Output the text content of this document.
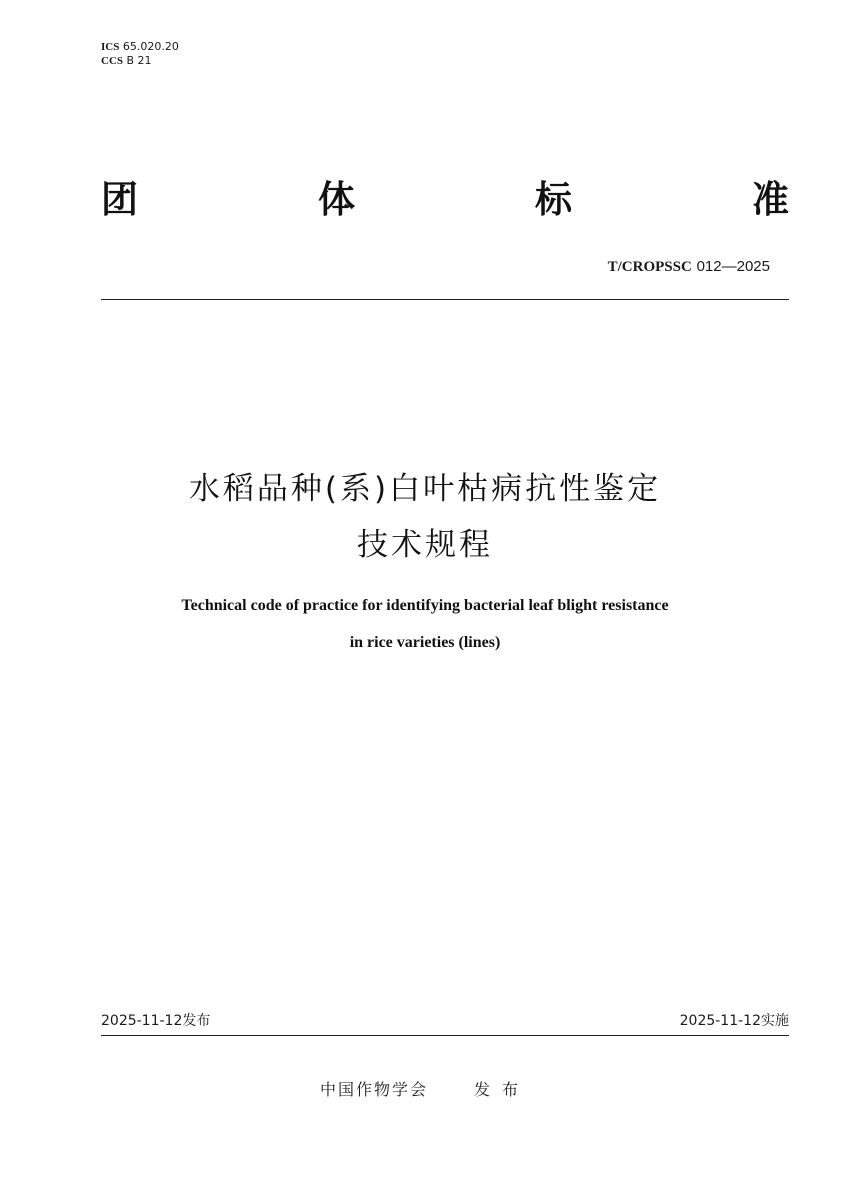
ICS 65.020.20
CCS B 21
团	体	标	准
T/CROPSSC 012—2025
水稻品种(系)白叶枯病抗性鉴定
技术规程
Technical code of practice for identifying bacterial leaf blight resistance
in rice varieties (lines)
2025-11-12发布	2025-11-12实施
中国作物学会	发布
